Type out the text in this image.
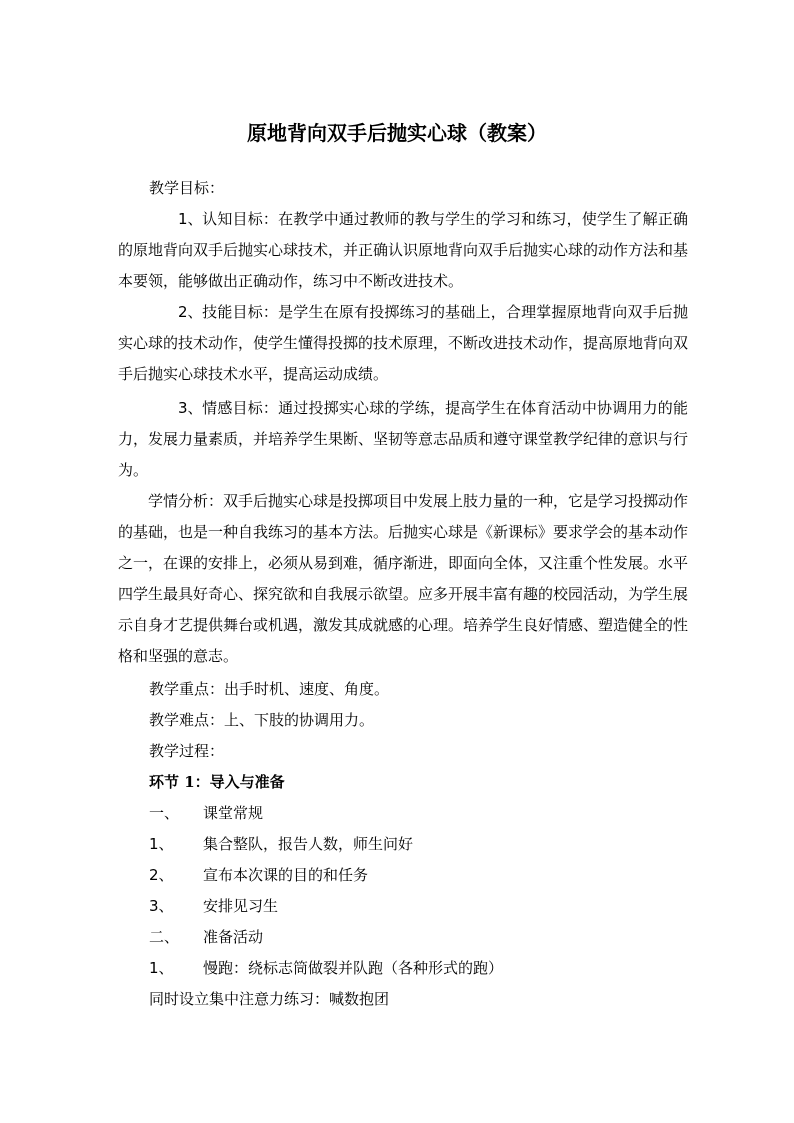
原地背向双手后抛实心球（教案）
教学目标：
1、认知目标：在教学中通过教师的教与学生的学习和练习，使学生了解正确的原地背向双手后抛实心球技术，并正确认识原地背向双手后抛实心球的动作方法和基本要领，能够做出正确动作，练习中不断改进技术。
2、技能目标：是学生在原有投掷练习的基础上，合理掌握原地背向双手后抛实心球的技术动作，使学生懂得投掷的技术原理，不断改进技术动作，提高原地背向双手后抛实心球技术水平，提高运动成绩。
3、情感目标：通过投掷实心球的学练，提高学生在体育活动中协调用力的能力，发展力量素质，并培养学生果断、坚韧等意志品质和遵守课堂教学纪律的意识与行为。
学情分析：双手后抛实心球是投掷项目中发展上肢力量的一种，它是学习投掷动作的基础，也是一种自我练习的基本方法。后抛实心球是《新课标》要求学会的基本动作之一，在课的安排上，必须从易到难，循序渐进，即面向全体，又注重个性发展。水平四学生最具好奇心、探究欲和自我展示欲望。应多开展丰富有趣的校园活动，为学生展示自身才艺提供舞台或机遇，激发其成就感的心理。培养学生良好情感、塑造健全的性格和坚强的意志。
教学重点：出手时机、速度、角度。
教学难点：上、下肢的协调用力。
教学过程：
环节 1：导入与准备
一、 课堂常规
1、 集合整队，报告人数，师生问好
2、 宣布本次课的目的和任务
3、 安排见习生
二、 准备活动
1、 慢跑：绕标志筒做裂并队跑（各种形式的跑）
同时设立集中注意力练习：喊数抱团
